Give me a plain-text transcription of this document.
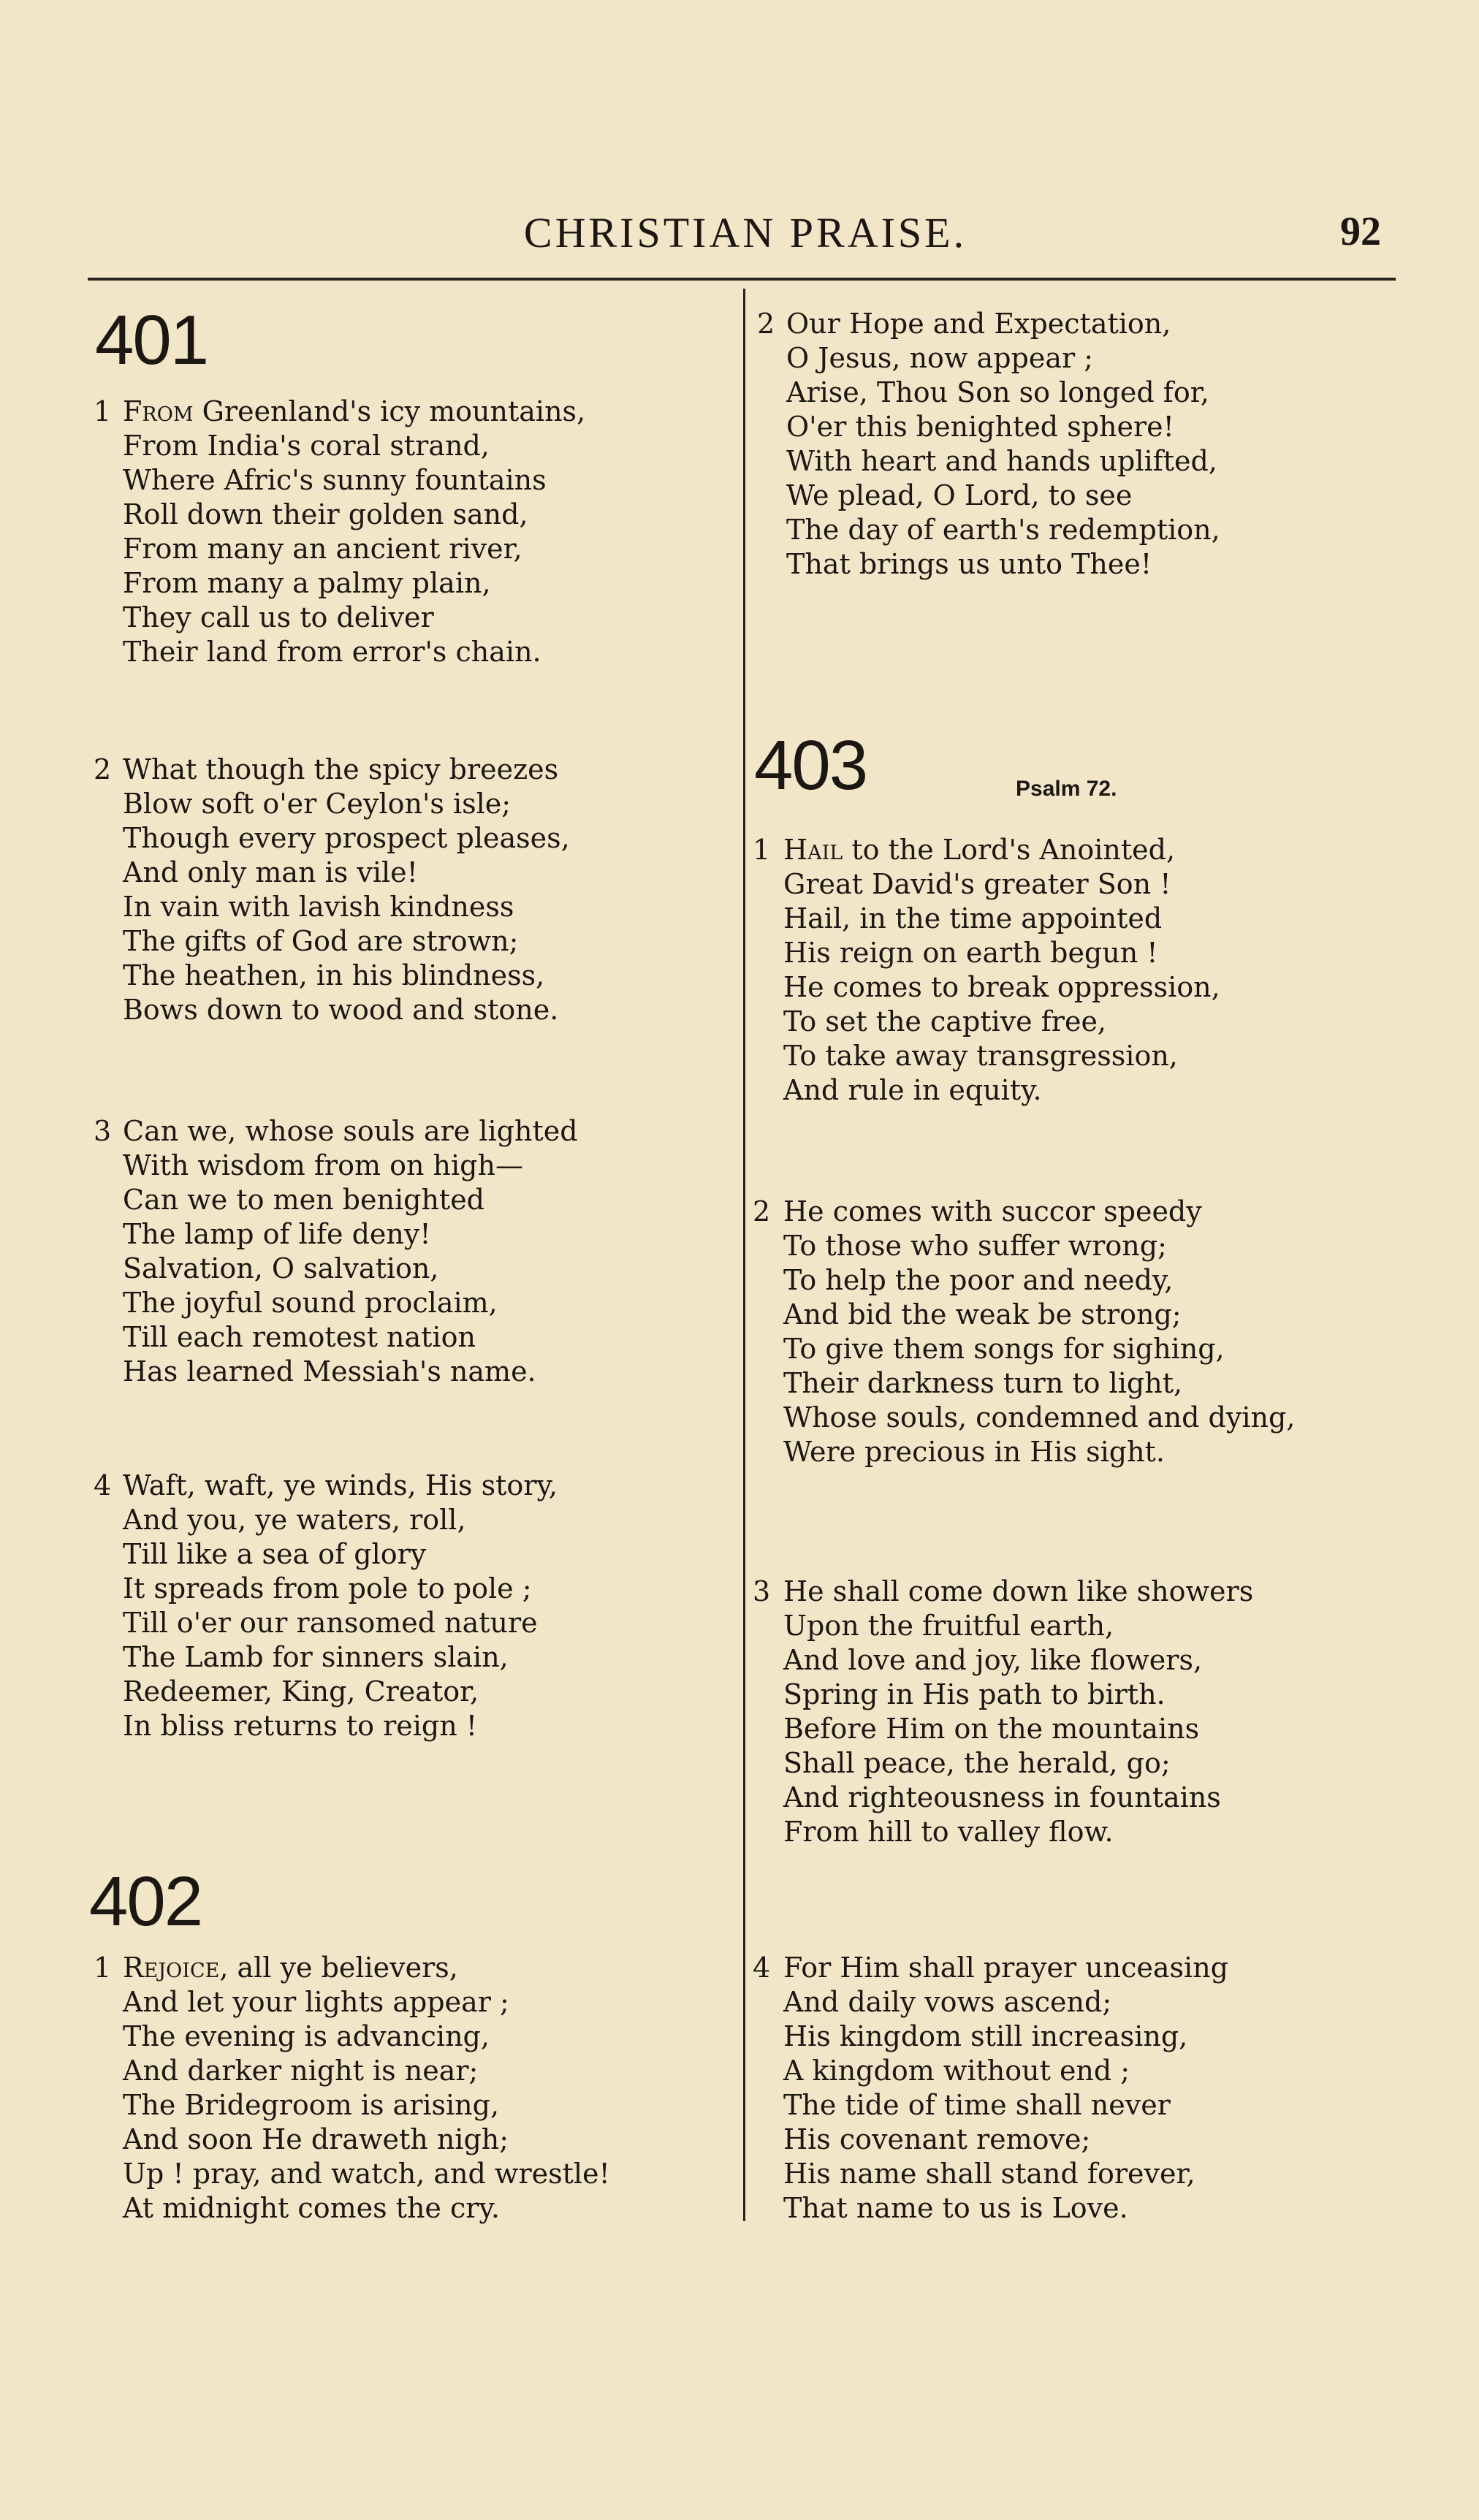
CHRISTIAN PRAISE.	92
401
1 From Greenland's icy mountains,
From India's coral strand,
Where Afric's sunny fountains
Roll down their golden sand,
From many an ancient river,
From many a palmy plain,
They call us to deliver
Their land from error's chain.
2 What though the spicy breezes
Blow soft o'er Ceylon's isle;
Though every prospect pleases,
And only man is vile!
In vain with lavish kindness
The gifts of God are strown;
The heathen, in his blindness,
Bows down to wood and stone.
3 Can we, whose souls are lighted
With wisdom from on high—
Can we to men benighted
The lamp of life deny!
Salvation, O salvation,
The joyful sound proclaim,
Till each remotest nation
Has learned Messiah's name.
4 Waft, waft, ye winds, His story,
And you, ye waters, roll,
Till like a sea of glory
It spreads from pole to pole ;
Till o'er our ransomed nature
The Lamb for sinners slain,
Redeemer, King, Creator,
In bliss returns to reign !
402
1 Rejoice, all ye believers,
And let your lights appear ;
The evening is advancing,
And darker night is near;
The Bridegroom is arising,
And soon He draweth nigh;
Up ! pray, and watch, and wrestle!
At midnight comes the cry.
2 Our Hope and Expectation,
O Jesus, now appear ;
Arise, Thou Son so longed for,
O'er this benighted sphere!
With heart and hands uplifted,
We plead, O Lord, to see
The day of earth's redemption,
That brings us unto Thee!
403	Psalm 72.
1 Hail to the Lord's Anointed,
Great David's greater Son !
Hail, in the time appointed
His reign on earth begun !
He comes to break oppression,
To set the captive free,
To take away transgression,
And rule in equity.
2 He comes with succor speedy
To those who suffer wrong;
To help the poor and needy,
And bid the weak be strong;
To give them songs for sighing,
Their darkness turn to light,
Whose souls, condemned and dying,
Were precious in His sight.
3 He shall come down like showers
Upon the fruitful earth,
And love and joy, like flowers,
Spring in His path to birth.
Before Him on the mountains
Shall peace, the herald, go;
And righteousness in fountains
From hill to valley flow.
4 For Him shall prayer unceasing
And daily vows ascend;
His kingdom still increasing,
A kingdom without end ;
The tide of time shall never
His covenant remove;
His name shall stand forever,
That name to us is Love.
